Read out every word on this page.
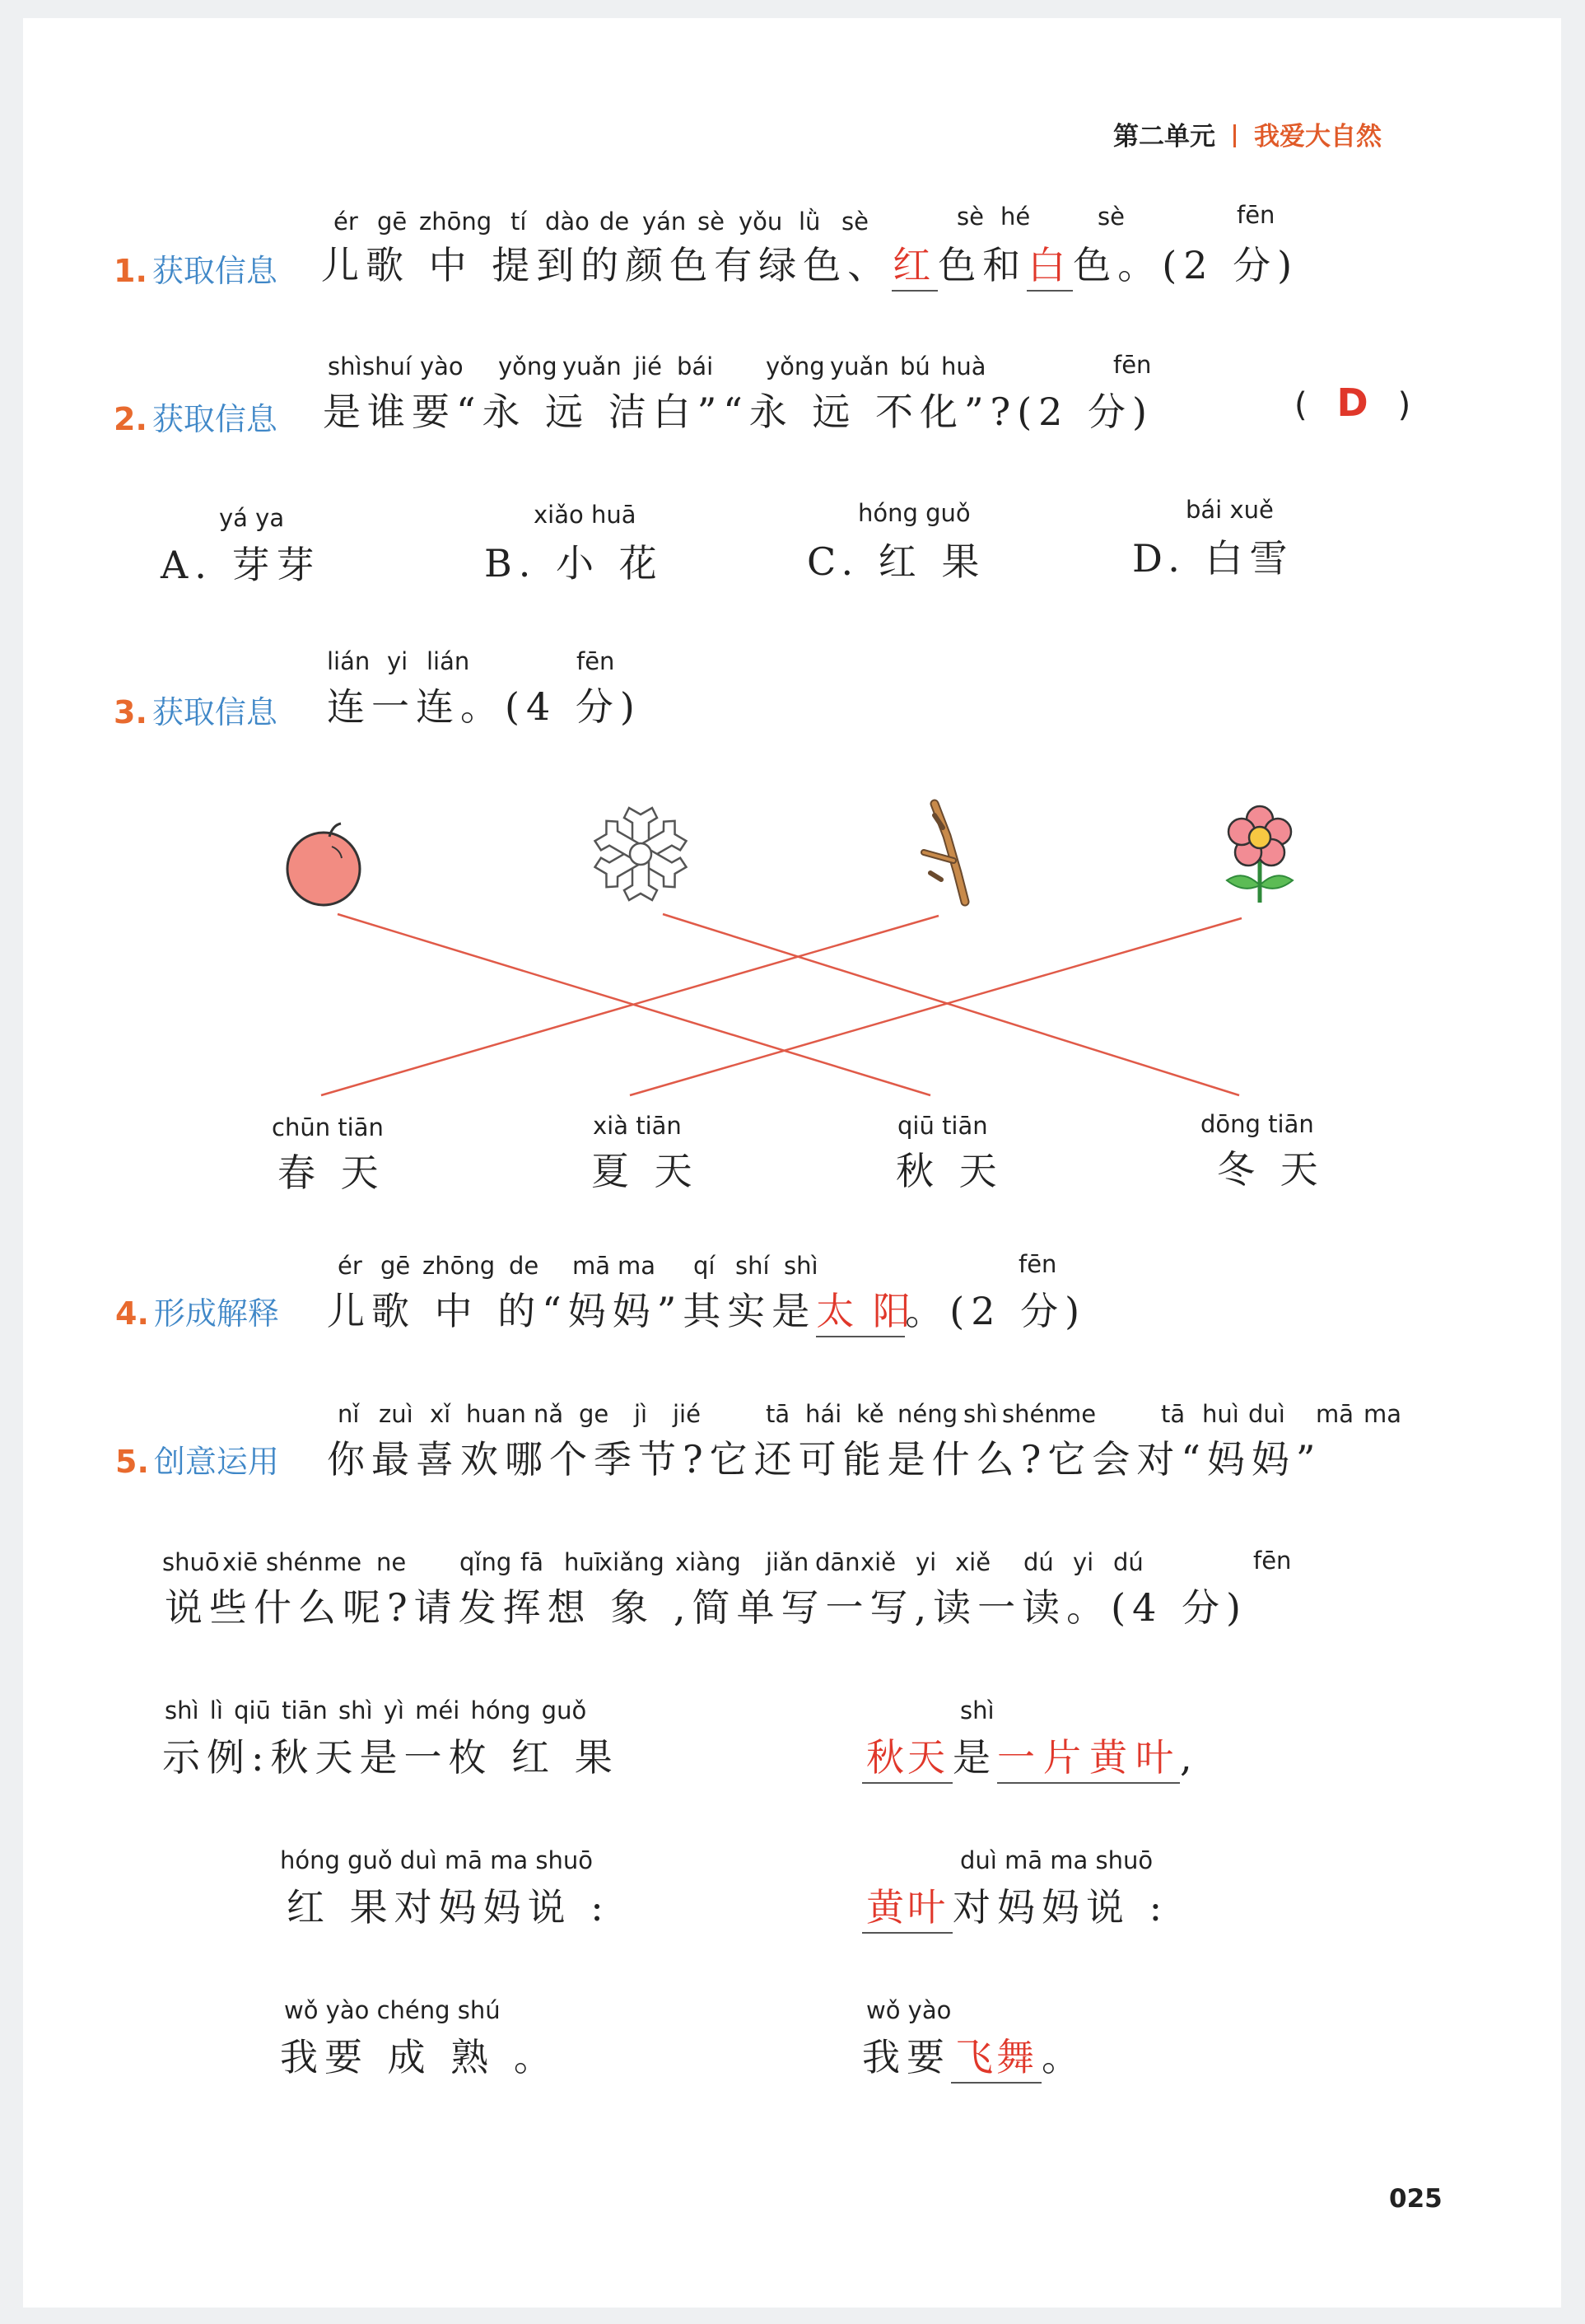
第二单元 我爱大自然
1. 获取信息
ér gē zhōng tí dào de yán sè yǒu lǜ sè	sè hé	sè	fēn
儿歌 中 提到的颜色有绿色、红色和白色。(2 分)
2. 获取信息
shì shuí yào yǒng yuǎn jié bái yǒng yuǎn bú huà	fēn
是谁要“永 远 洁白”“永 远 不化”?(2 分)	( D )
yá ya
A. 芽芽
xiǎo huā
B. 小 花
hóng guǒ
C. 红 果
bái xuě
D. 白雪
3. 获取信息
lián yi lián	fēn
连一连。(4 分)
chūn tiān
春 天
xià tiān
夏 天
qiū tiān
秋 天
dōng tiān
冬 天
4. 形成解释
ér gē zhōng de mā ma qí shí shì	fēn
儿歌 中 的“妈妈”其实是太 阳。(2 分)
5. 创意运用
nǐ zuì xǐ huan nǎ ge jì jié	tā hái kě néng shì shén
me	tā huì duì mā ma
你最喜欢哪个季节?它还可能是什么?它会对“妈妈”
shuō xiē shén me ne qǐng fā huī
xiǎng xiàng jiǎn dān xiě yi xiě dú yi dú	fēn
说些什么呢?请发挥想 象 ,简单写一写,读一读。(4 分)
shì lì qiū tiān shì yì méi hóng guǒ
示例:秋天是一枚 红 果
hóng guǒ duì mā ma shuō
红 果对妈妈说 :
wǒ yào chéng shú
我要 成 熟 。
shì
秋天 是一片黄叶,
duì mā ma shuō
黄叶 对妈妈说 :
wǒ yào
我要 飞舞 。
025
